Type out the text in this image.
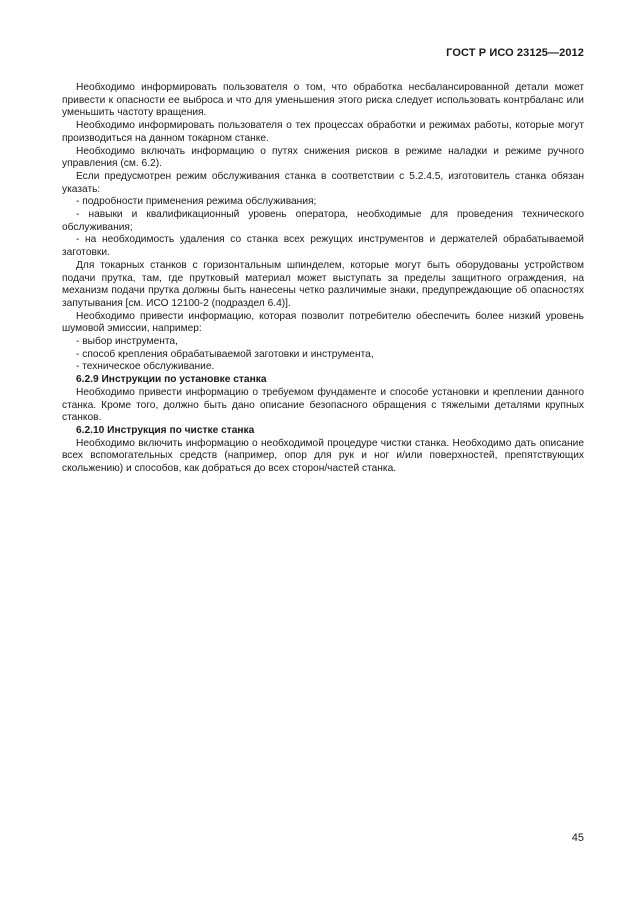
ГОСТ Р ИСО 23125—2012

Необходимо информировать пользователя о том, что обработка несбалансированной детали может привести к опасности ее выброса и что для уменьшения этого риска следует использовать контрбаланс или уменьшить частоту вращения.

Необходимо информировать пользователя о тех процессах обработки и режимах работы, которые могут производиться на данном токарном станке.

Необходимо включать информацию о путях снижения рисков в режиме наладки и режиме ручного управления (см. 6.2).

Если предусмотрен режим обслуживания станка в соответствии с 5.2.4.5, изготовитель станка обязан указать:

- подробности применения режима обслуживания;

- навыки и квалификационный уровень оператора, необходимые для проведения технического обслуживания;

- на необходимость удаления со станка всех режущих инструментов и держателей обрабатываемой заготовки.

Для токарных станков с горизонтальным шпинделем, которые могут быть оборудованы устройством подачи прутка, там, где прутковый материал может выступать за пределы защитного ограждения, на механизм подачи прутка должны быть нанесены четко различимые знаки, предупреждающие об опасностях запутывания [см. ИСО 12100-2 (подраздел 6.4)].

Необходимо привести информацию, которая позволит потребителю обеспечить более низкий уровень шумовой эмиссии, например:

- выбор инструмента,

- способ крепления обрабатываемой заготовки и инструмента,

- техническое обслуживание.

6.2.9 Инструкции по установке станка

Необходимо привести информацию о требуемом фундаменте и способе установки и креплении данного станка. Кроме того, должно быть дано описание безопасного обращения с тяжелыми деталями крупных станков.

6.2.10 Инструкция по чистке станка

Необходимо включить информацию о необходимой процедуре чистки станка. Необходимо дать описание всех вспомогательных средств (например, опор для рук и ног и/или поверхностей, препятствующих скольжению) и способов, как добраться до всех сторон/частей станка.

45
